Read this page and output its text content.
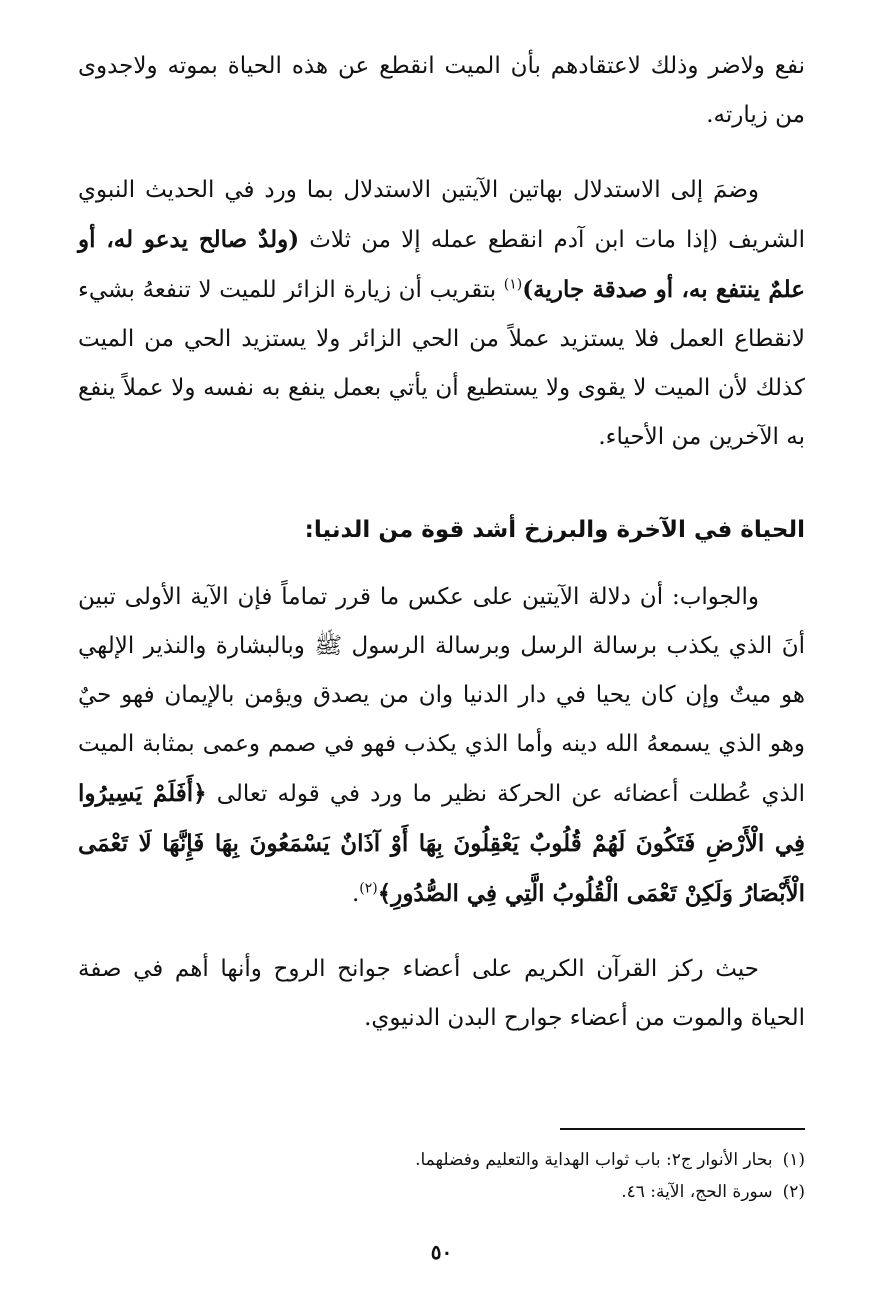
نفع ولاضر وذلك لاعتقادهم بأن الميت انقطع عن هذه الحياة بموته ولاجدوى من زيارته.

وضمَ إلى الاستدلال بهاتين الآيتين الاستدلال بما ورد في الحديث النبوي الشريف (إذا مات ابن آدم انقطع عمله إلا من ثلاث (ولدٌ صالح يدعو له، أو علمٌ ينتفع به، أو صدقة جارية)$^{(١)}$ بتقريب أن زيارة الزائر للميت لا تنفعهُ بشيء لانقطاع العمل فلا يستزيد عملاً من الحي الزائر ولا يستزيد الحي من الميت كذلك لأن الميت لا يقوى ولا يستطيع أن يأتي بعمل ينفع به نفسه ولا عملاً ينفع به الآخرين من الأحياء.

الحياة في الآخرة والبرزخ أشد قوة من الدنيا:

والجواب: أن دلالة الآيتين على عكس ما قرر تماماً فإن الآية الأولى تبين أنَ الذي يكذب برسالة الرسل وبرسالة الرسول ﷺ وبالبشارة والنذير الإلهي هو ميتٌ وإن كان يحيا في دار الدنيا وان من يصدق ويؤمن بالإيمان فهو حيٌ وهو الذي يسمعهُ الله دينه وأما الذي يكذب فهو في صمم وعمى بمثابة الميت الذي عُطلت أعضائه عن الحركة نظير ما ورد في قوله تعالى ﴿أَفَلَمْ يَسِيرُوا فِي الْأَرْضِ فَتَكُونَ لَهُمْ قُلُوبٌ يَعْقِلُونَ بِهَا أَوْ آذَانٌ يَسْمَعُونَ بِهَا فَإِنَّهَا لَا تَعْمَى الْأَبْصَارُ وَلَكِنْ تَعْمَى الْقُلُوبُ الَّتِي فِي الصُّدُورِ﴾$^{(٢)}$.

حيث ركز القرآن الكريم على أعضاء جوانح الروح وأنها أهم في صفة الحياة والموت من أعضاء جوارح البدن الدنيوي.

(١)بحار الأنوار ج٢: باب ثواب الهداية والتعليم وفضلهما.
(٢)سورة الحج، الآية: ٤٦.
٥٠
